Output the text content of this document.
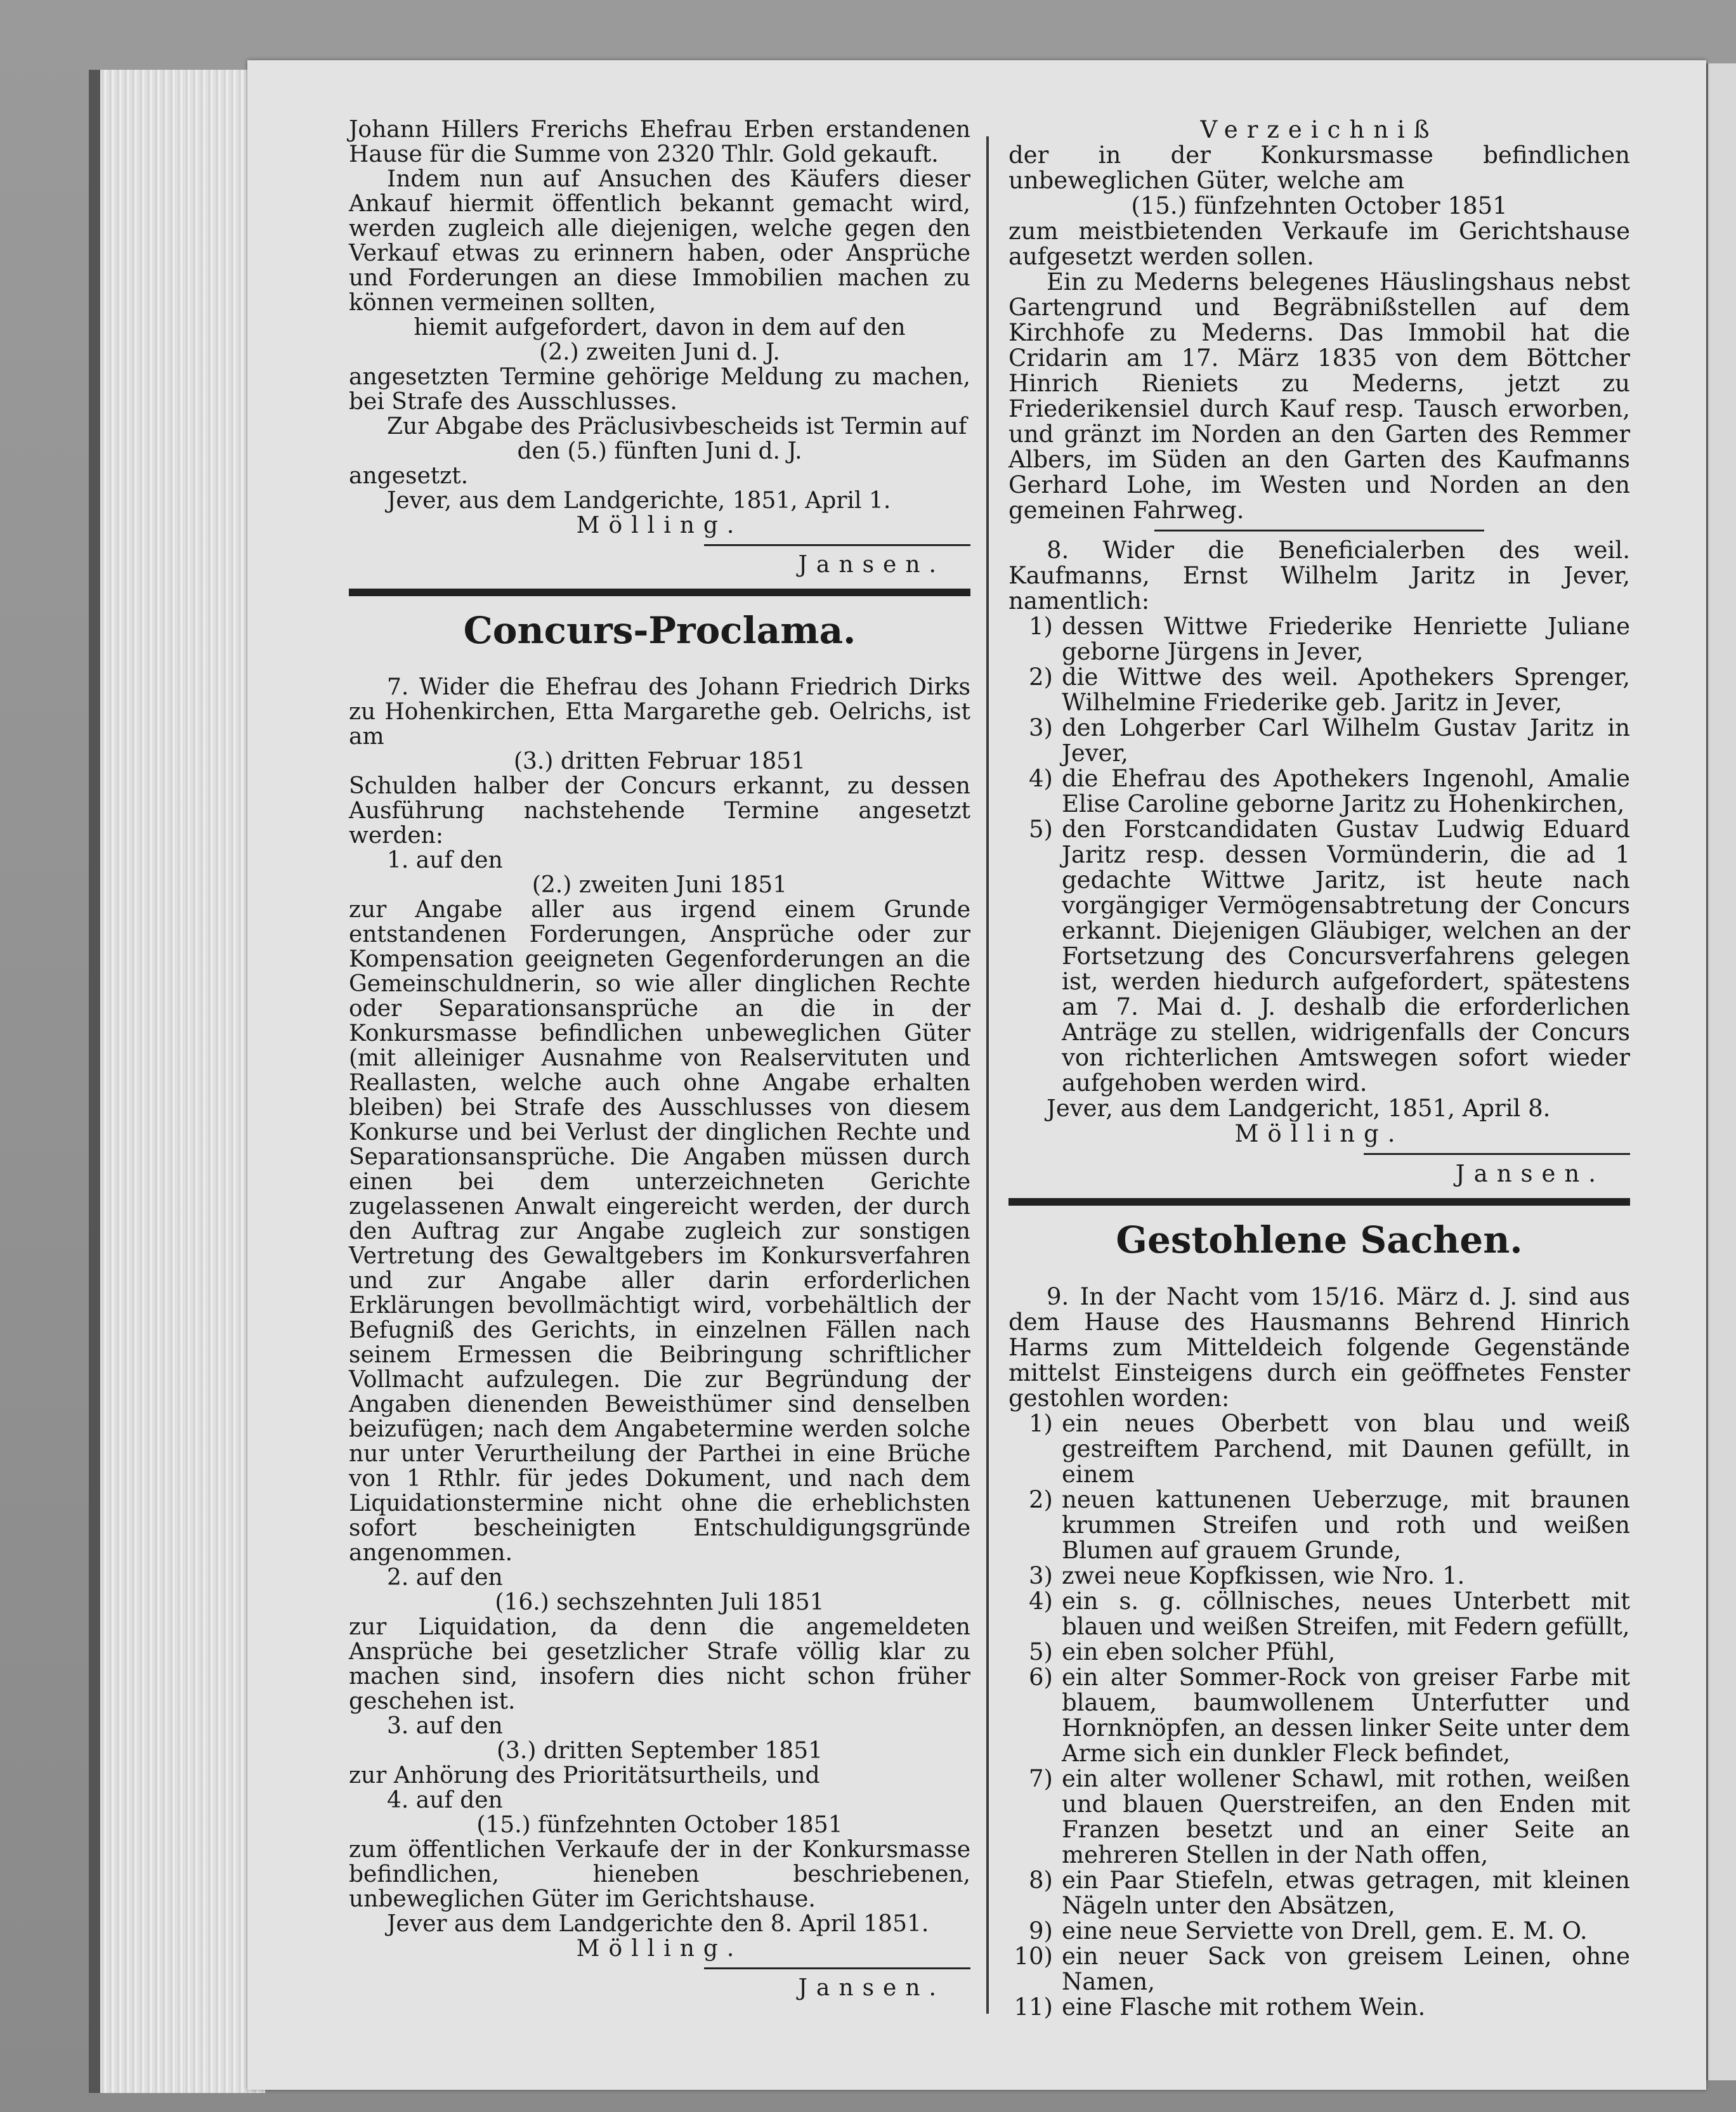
Johann Hillers Frerichs Ehefrau Erben erstandenen Hause für die Summe von 2320 Thlr. Gold gekauft.

Indem nun auf Ansuchen des Käufers dieser Ankauf hiermit öffentlich bekannt gemacht wird, werden zugleich alle diejenigen, welche gegen den Verkauf etwas zu erinnern haben, oder Ansprüche und Forderungen an diese Immobilien machen zu können vermeinen sollten,

hiemit aufgefordert, davon in dem auf den

(2.) zweiten Juni d. J.

angesetzten Termine gehörige Meldung zu machen, bei Strafe des Ausschlusses.

Zur Abgabe des Präclusivbescheids ist Termin auf

den (5.) fünften Juni d. J.

angesetzt.

Jever, aus dem Landgerichte, 1851, April 1.

Mölling.

Jansen.

Concurs-Proclama.

7. Wider die Ehefrau des Johann Friedrich Dirks zu Hohenkirchen, Etta Margarethe geb. Oelrichs, ist am

(3.) dritten Februar 1851

Schulden halber der Concurs erkannt, zu dessen Ausführung nachstehende Termine angesetzt werden:

1. auf den

(2.) zweiten Juni 1851

zur Angabe aller aus irgend einem Grunde entstandenen Forderungen, Ansprüche oder zur Kompensation geeigneten Gegenforderungen an die Gemeinschuldnerin, so wie aller dinglichen Rechte oder Separationsansprüche an die in der Konkursmasse befindlichen unbeweglichen Güter (mit alleiniger Ausnahme von Realservituten und Reallasten, welche auch ohne Angabe erhalten bleiben) bei Strafe des Ausschlusses von diesem Konkurse und bei Verlust der dinglichen Rechte und Separationsansprüche. Die Angaben müssen durch einen bei dem unterzeichneten Gerichte zugelassenen Anwalt eingereicht werden, der durch den Auftrag zur Angabe zugleich zur sonstigen Vertretung des Gewaltgebers im Konkursverfahren und zur Angabe aller darin erforderlichen Erklärungen bevollmächtigt wird, vorbehältlich der Befugniß des Gerichts, in einzelnen Fällen nach seinem Ermessen die Beibringung schriftlicher Vollmacht aufzulegen. Die zur Begründung der Angaben dienenden Beweisthümer sind denselben beizufügen; nach dem Angabetermine werden solche nur unter Verurtheilung der Parthei in eine Brüche von 1 Rthlr. für jedes Dokument, und nach dem Liquidationstermine nicht ohne die erheblichsten sofort bescheinigten Entschuldigungsgründe angenommen.

2. auf den

(16.) sechszehnten Juli 1851

zur Liquidation, da denn die angemeldeten Ansprüche bei gesetzlicher Strafe völlig klar zu machen sind, insofern dies nicht schon früher geschehen ist.

3. auf den

(3.) dritten September 1851

zur Anhörung des Prioritätsurtheils, und

4. auf den

(15.) fünfzehnten October 1851

zum öffentlichen Verkaufe der in der Konkursmasse befindlichen, hieneben beschriebenen, unbeweglichen Güter im Gerichtshause.

Jever aus dem Landgerichte den 8. April 1851.

Mölling.

Jansen.

Verzeichniß

der in der Konkursmasse befindlichen unbeweglichen Güter, welche am

(15.) fünfzehnten October 1851

zum meistbietenden Verkaufe im Gerichtshause aufgesetzt werden sollen.

Ein zu Mederns belegenes Häuslingshaus nebst Gartengrund und Begräbnißstellen auf dem Kirchhofe zu Mederns. Das Immobil hat die Cridarin am 17. März 1835 von dem Böttcher Hinrich Rieniets zu Mederns, jetzt zu Friederikensiel durch Kauf resp. Tausch erworben, und gränzt im Norden an den Garten des Remmer Albers, im Süden an den Garten des Kaufmanns Gerhard Lohe, im Westen und Norden an den gemeinen Fahrweg.

8. Wider die Beneficialerben des weil. Kaufmanns, Ernst Wilhelm Jaritz in Jever, namentlich:

1) dessen Wittwe Friederike Henriette Juliane geborne Jürgens in Jever,
2) die Wittwe des weil. Apothekers Sprenger, Wilhelmine Friederike geb. Jaritz in Jever,
3) den Lohgerber Carl Wilhelm Gustav Jaritz in Jever,
4) die Ehefrau des Apothekers Ingenohl, Amalie Elise Caroline geborne Jaritz zu Hohenkirchen,
5) den Forstcandidaten Gustav Ludwig Eduard Jaritz resp. dessen Vormünderin, die ad 1 gedachte Wittwe Jaritz, ist heute nach vorgängiger Vermögensabtretung der Concurs erkannt. Diejenigen Gläubiger, welchen an der Fortsetzung des Concursverfahrens gelegen ist, werden hiedurch aufgefordert, spätestens am 7. Mai d. J. deshalb die erforderlichen Anträge zu stellen, widrigenfalls der Concurs von richterlichen Amtswegen sofort wieder aufgehoben werden wird.

Jever, aus dem Landgericht, 1851, April 8.

Mölling.

Jansen.

Gestohlene Sachen.

9. In der Nacht vom 15/16. März d. J. sind aus dem Hause des Hausmanns Behrend Hinrich Harms zum Mitteldeich folgende Gegenstände mittelst Einsteigens durch ein geöffnetes Fenster gestohlen worden:

1) ein neues Oberbett von blau und weiß gestreiftem Parchend, mit Daunen gefüllt, in einem
2) neuen kattunenen Ueberzuge, mit braunen krummen Streifen und roth und weißen Blumen auf grauem Grunde,
3) zwei neue Kopfkissen, wie Nro. 1.
4) ein s. g. cöllnisches, neues Unterbett mit blauen und weißen Streifen, mit Federn gefüllt,
5) ein eben solcher Pfühl,
6) ein alter Sommer-Rock von greiser Farbe mit blauem, baumwollenem Unterfutter und Hornknöpfen, an dessen linker Seite unter dem Arme sich ein dunkler Fleck befindet,
7) ein alter wollener Schawl, mit rothen, weißen und blauen Querstreifen, an den Enden mit Franzen besetzt und an einer Seite an mehreren Stellen in der Nath offen,
8) ein Paar Stiefeln, etwas getragen, mit kleinen Nägeln unter den Absätzen,
9) eine neue Serviette von Drell, gem. E. M. O.
10) ein neuer Sack von greisem Leinen, ohne Namen,
11) eine Flasche mit rothem Wein.
